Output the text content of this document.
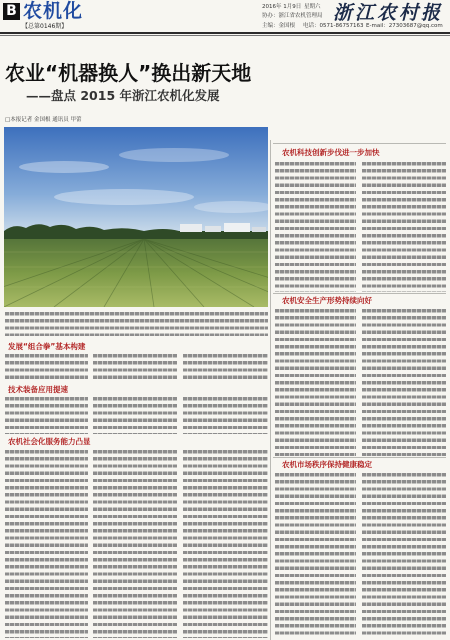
B 农机化
【总第0146期】
2016年 1月9日 星期六
协办：浙江省农机管理局
主编：金国根 电话：0571-86757163 E-mail：27303687@qq.com
浙江农村报
农业“机器换人”换出新天地
——盘点 2015 年浙江农机化发展
□本报记者 金国根 通讯员 甲蕾
发展“组合拳”基本构建
技术装备应用提速
农机社会化服务能力凸显
农机科技创新步伐进一步加快
农机安全生产形势持续向好
农机市场秩序保持健康稳定
